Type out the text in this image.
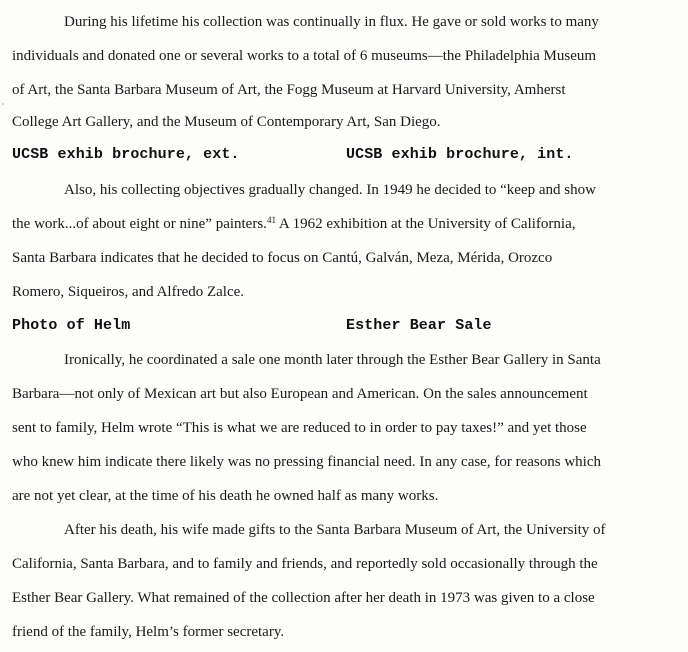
During his lifetime his collection was continually in flux. He gave or sold works to many
individuals and donated one or several works to a total of 6 museums—the Philadelphia Museum
of Art, the Santa Barbara Museum of Art, the Fogg Museum at Harvard University, Amherst
College Art Gallery, and the Museum of Contemporary Art, San Diego.
UCSB exhib brochure, ext.	UCSB exhib brochure, int.
Also, his collecting objectives gradually changed. In 1949 he decided to “keep and show
the work...of about eight or nine” painters.$^{41}$ A 1962 exhibition at the University of California,
Santa Barbara indicates that he decided to focus on Cantú, Galván, Meza, Mérida, Orozco
Romero, Siqueiros, and Alfredo Zalce.
Photo of Helm	Esther Bear Sale
Ironically, he coordinated a sale one month later through the Esther Bear Gallery in Santa
Barbara—not only of Mexican art but also European and American. On the sales announcement
sent to family, Helm wrote “This is what we are reduced to in order to pay taxes!” and yet those
who knew him indicate there likely was no pressing financial need. In any case, for reasons which
are not yet clear, at the time of his death he owned half as many works.
After his death, his wife made gifts to the Santa Barbara Museum of Art, the University of
California, Santa Barbara, and to family and friends, and reportedly sold occasionally through the
Esther Bear Gallery. What remained of the collection after her death in 1973 was given to a close
friend of the family, Helm’s former secretary.
